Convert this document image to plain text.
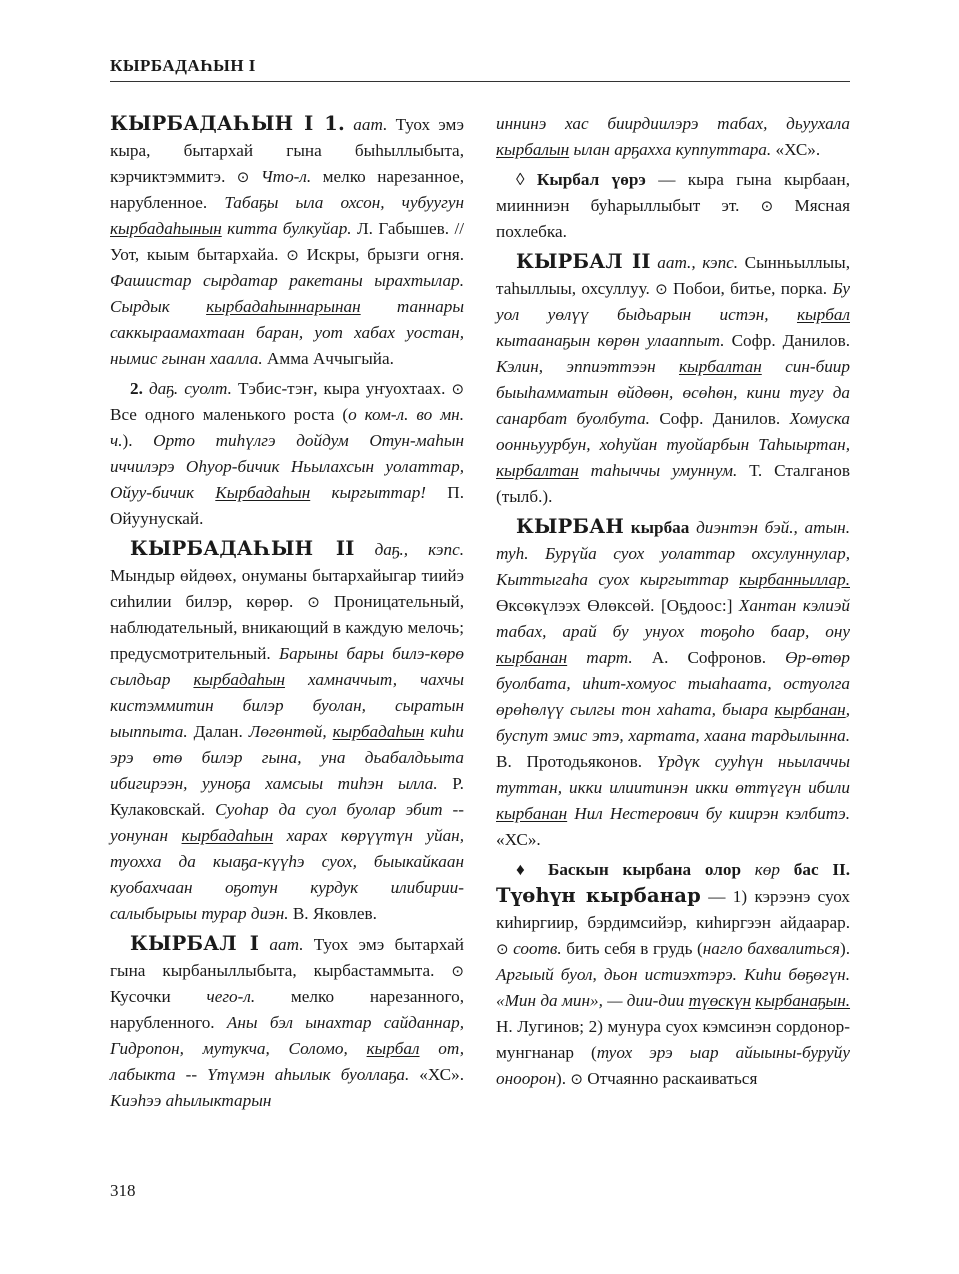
КЫРБАДАҺЫН I

КЫРБАДАҺЫН I 1. аат. Туох эмэ кыра, бытархай гына быһыллыбыта, кэрчиктэммитэ. ⊙ Что-л. мелко нарезанное, нарубленное. Табаҕы ыла охсон, чубуугун кырбадаһынын китта булкуйар. Л. Габышев. // Уот, кыым бытархайа. ⊙ Искры, брызги огня. Фашистар сырдатар ракетаны ырахтылар. Сырдык кырбадаһыннарынан таннары саккыраамахтаан баран, уот хабах уостан, нымис гынан хаалла. Амма Аччыгыйа.

2. даҕ. суолт. Тэбис-тэҥ, кыра уҥуохтаах. ⊙ Все одного маленького роста (о ком-л. во мн. ч.). Орто тиһүлгэ дойдум Отун-маһын иччилэрэ Оһуор-бичик Ньылахсын уолаттар, Ойуу-бичик Кырбадаһын кыргыттар! П. Ойуунускай.

КЫРБАДАҺЫН II даҕ., кэпс. Мындыр өйдөөх, онуманы бытархайыгар тиийэ сиһилии билэр, көрөр. ⊙ Проницательный, наблюдательный, вникающий в каждую мелочь; предусмотрительный. Барыны бары билэ-көрө сылдьар кырбадаһын хамначчыт, чахчы кистэммитин билэр буолан, сыратын ыыппыта. Далан. Лөгөнтөй, кырбадаһын киһи эрэ өтө билэр гына, уна дьабалдьыта ибигирээн, ууноҕа хамсыы тиһэн ылла. Р. Кулаковскай. Суоһар да суол буолар эбит -- уонунан кырбадаһын харах көрүүтүн уйан, туохха да кыаҕа-күүһэ суох, быыкайкаан куобахчаан оҕотун курдук илибирии-салыбырыы турар диэн. В. Яковлев.

КЫРБАЛ I аат. Туох эмэ бытархай гына кырбаныллыбыта, кырбастаммыта. ⊙ Кусочки чего-л. мелко нарезанного, нарубленного. Аны бэл ынахтар сайданнар, Гидропон, мутукча, Соломо, кырбал от, лабыкта -- Үтүмэн аһылык буоллаҕа. «ХС». Киэһээ аһылыктарын

иннинэ хас биирдиилэрэ табах, дьуухала кырбалын ылан арҕахха куппуттара. «ХС».

◊ Кырбал үөрэ — кыра гына кырбаан, миинниэн буһарыллыбыт эт. ⊙ Мясная похлебка.

КЫРБАЛ II аат., кэпс. Сынньыллыы, таһыллыы, охсуллуу. ⊙ Побои, битье, порка. Бу уол уөлүү быдьарын истэн, кырбал кытаанаҕын көрөн улааппыт. Софр. Данилов. Кэлин, эппиэттээн кырбалтан син-биир быыһамматын өйдөөн, өсөһөн, кини тугу да санарбат буолбута. Софр. Данилов. Хомуска оонньуурбун, хоһуйан туойарбын Таһыыртан, кырбалтан таһыччы умуннум. Т. Сталганов (тылб.).

КЫРБАН кырбаа диэнтэн бэй., атын. туһ. Бурүйа суох уолаттар охсулуннулар, Кыттыгаһа суох кыргыттар кырбанныллар. Өксөкүлээх Өлөксөй. [Оҕдоос:] Хантан кэлиэй табах, арай бу унуох тоҕоһо баар, ону кырбанан тарт. А. Софронов. Өр-өтөр буолбата, иһит-хомуос тыаһаата, остуолга өрөһөлүү сылгы тон хаһата, быара кырбанан, буспут эмис этэ, хартата, хаана тардылынна. В. Протодьяконов. Үрдүк сууһүн ньылаччы туттан, икки илиитинэн икки өттүгүн ибили кырбанан Нил Нестерович бу киирэн кэлбитэ. «ХС».

♦ Баскын кырбана олор көр бас II. Түөһүн кырбанар — 1) кэрээнэ суох киһиргиир, бэрдимсийэр, киһиргээн айдаарар. ⊙ соотв. бить себя в грудь (нагло бахвалиться). Аргыый буол, дьон истиэхтэрэ. Киһи бөҕөгүн. «Мин да мин», — дии-дии түөскүн кырбанаҕын. Н. Лугинов; 2) мунура суох кэмсинэн сордонор-мунгнанар (туох эрэ ыар айыыны-буруйу оноорон). ⊙ Отчаянно раскаиваться

318
